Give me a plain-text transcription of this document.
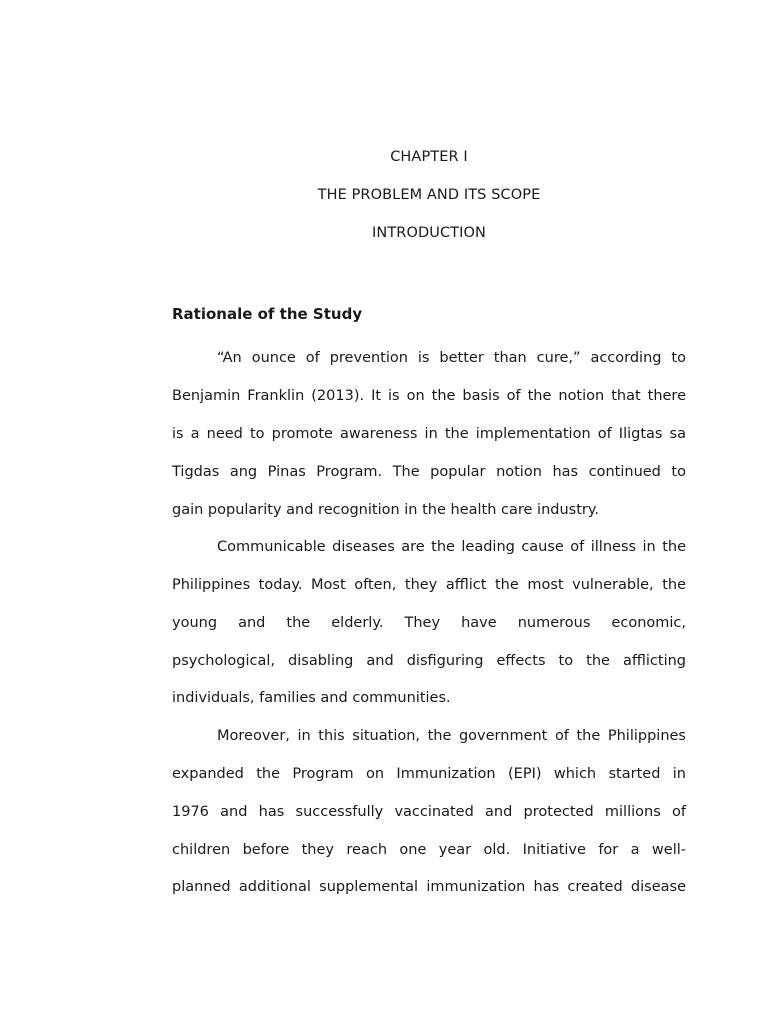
CHAPTER I
THE PROBLEM AND ITS SCOPE
INTRODUCTION
Rationale of the Study
“An ounce of prevention is better than cure,” according to
Benjamin Franklin (2013). It is on the basis of the notion that there
is a need to promote awareness in the implementation of Iligtas sa
Tigdas ang Pinas Program. The popular notion has continued to
gain popularity and recognition in the health care industry.
Communicable diseases are the leading cause of illness in the
Philippines today. Most often, they afflict the most vulnerable, the
young and the elderly. They have numerous economic,
psychological, disabling and disfiguring effects to the afflicting
individuals, families and communities.
Moreover, in this situation, the government of the Philippines
expanded the Program on Immunization (EPI) which started in
1976 and has successfully vaccinated and protected millions of
children before they reach one year old. Initiative for a well-
planned additional supplemental immunization has created disease
